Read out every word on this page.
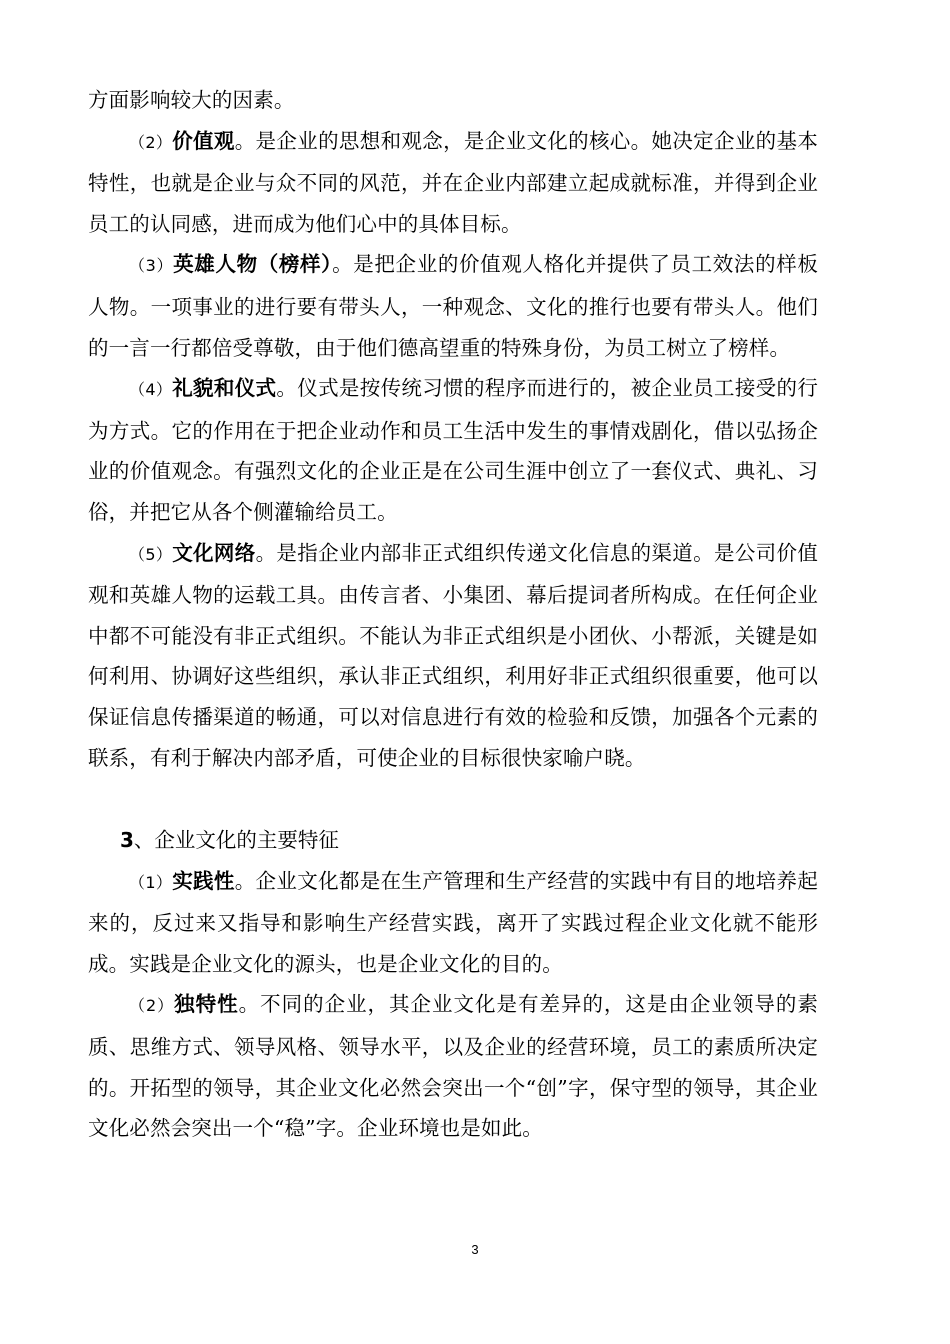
方面影响较大的因素。

（2）价值观。是企业的思想和观念，是企业文化的核心。她决定企业的基本特性，也就是企业与众不同的风范，并在企业内部建立起成就标准，并得到企业员工的认同感，进而成为他们心中的具体目标。

（3）英雄人物（榜样）。是把企业的价值观人格化并提供了员工效法的样板人物。一项事业的进行要有带头人，一种观念、文化的推行也要有带头人。他们的一言一行都倍受尊敬，由于他们德高望重的特殊身份，为员工树立了榜样。

（4）礼貌和仪式。仪式是按传统习惯的程序而进行的，被企业员工接受的行为方式。它的作用在于把企业动作和员工生活中发生的事情戏剧化，借以弘扬企业的价值观念。有强烈文化的企业正是在公司生涯中创立了一套仪式、典礼、习俗，并把它从各个侧灌输给员工。

（5）文化网络。是指企业内部非正式组织传递文化信息的渠道。是公司价值观和英雄人物的运载工具。由传言者、小集团、幕后提词者所构成。在任何企业中都不可能没有非正式组织。不能认为非正式组织是小团伙、小帮派，关键是如何利用、协调好这些组织，承认非正式组织，利用好非正式组织很重要，他可以保证信息传播渠道的畅通，可以对信息进行有效的检验和反馈，加强各个元素的联系，有利于解决内部矛盾，可使企业的目标很快家喻户晓。

3、企业文化的主要特征

（1）实践性。企业文化都是在生产管理和生产经营的实践中有目的地培养起来的，反过来又指导和影响生产经营实践，离开了实践过程企业文化就不能形成。实践是企业文化的源头，也是企业文化的目的。

（2）独特性。不同的企业，其企业文化是有差异的，这是由企业领导的素质、思维方式、领导风格、领导水平，以及企业的经营环境，员工的素质所决定的。开拓型的领导，其企业文化必然会突出一个“创”字，保守型的领导，其企业文化必然会突出一个“稳”字。企业环境也是如此。

3
